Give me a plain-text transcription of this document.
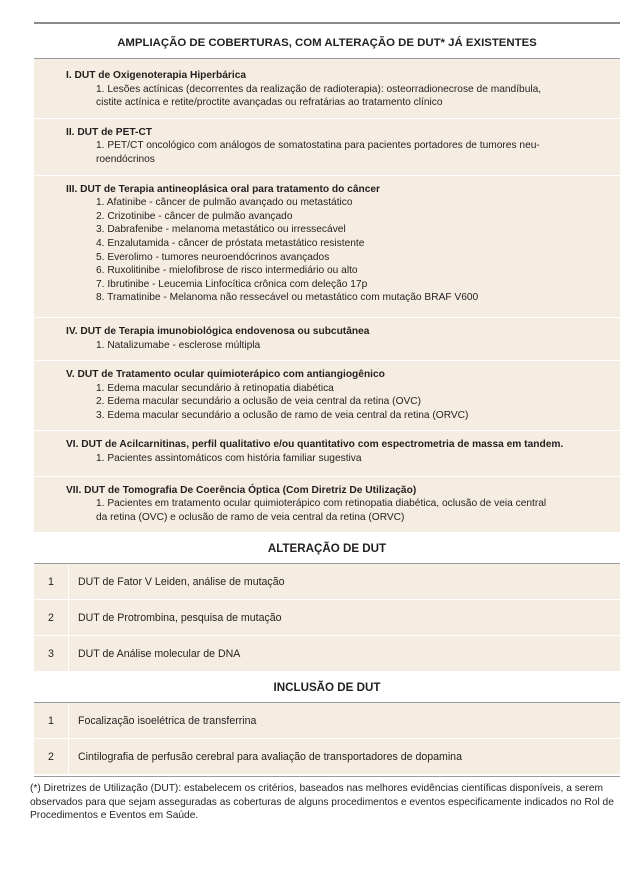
AMPLIAÇÃO DE COBERTURAS, COM ALTERAÇÃO DE DUT* JÁ EXISTENTES
I. DUT de Oxigenoterapia Hiperbárica
1. Lesões actínicas (decorrentes da realização de radioterapia): osteorradionecrose de mandíbula,
cistite actínica e retite/proctite avançadas ou refratárias ao tratamento clínico
II. DUT de PET-CT
1. PET/CT oncológico com análogos de somatostatina para pacientes portadores de tumores neu-
roendócrinos
III. DUT de Terapia antineoplásica oral para tratamento do câncer
1. Afatinibe - câncer de pulmão avançado ou metastático
2. Crizotinibe - câncer de pulmão avançado
3. Dabrafenibe - melanoma metastático ou irressecável
4. Enzalutamida - câncer de próstata metastático resistente
5. Everolimo - tumores neuroendócrinos avançados
6. Ruxolitinibe - mielofibrose de risco intermediário ou alto
7. Ibrutinibe - Leucemia Linfocítica crônica com deleção 17p
8. Tramatinibe - Melanoma não ressecável ou metastático com mutação BRAF V600
IV. DUT de Terapia imunobiológica endovenosa ou subcutânea
1. Natalizumabe - esclerose múltipla
V. DUT de Tratamento ocular quimioterápico com antiangiogênico
1. Edema macular secundário à retinopatia diabética
2. Edema macular secundário a oclusão de veia central da retina (OVC)
3. Edema macular secundário a oclusão de ramo de veia central da retina (ORVC)
VI. DUT de Acilcarnitinas, perfil qualitativo e/ou quantitativo com espectrometria de massa em tandem.
1. Pacientes assintomáticos com história familiar sugestiva
VII. DUT de Tomografia De Coerência Óptica (Com Diretriz De Utilização)
1. Pacientes em tratamento ocular quimioterápico com retinopatia diabética, oclusão de veia central
da retina (OVC) e oclusão de ramo de veia central da retina (ORVC)
ALTERAÇÃO DE DUT
1	DUT de Fator V Leiden, análise de mutação
2	DUT de Protrombina, pesquisa de mutação
3	DUT de Análise molecular de DNA
INCLUSÃO DE DUT
1	Focalização isoelétrica de transferrina
2	Cintilografia de perfusão cerebral para avaliação de transportadores de dopamina
(*) Diretrizes de Utilização (DUT): estabelecem os critérios, baseados nas melhores evidências científicas disponíveis, a serem observados para que sejam asseguradas as coberturas de alguns procedimentos e eventos especificamente indicados no Rol de Procedimentos e Eventos em Saúde.
